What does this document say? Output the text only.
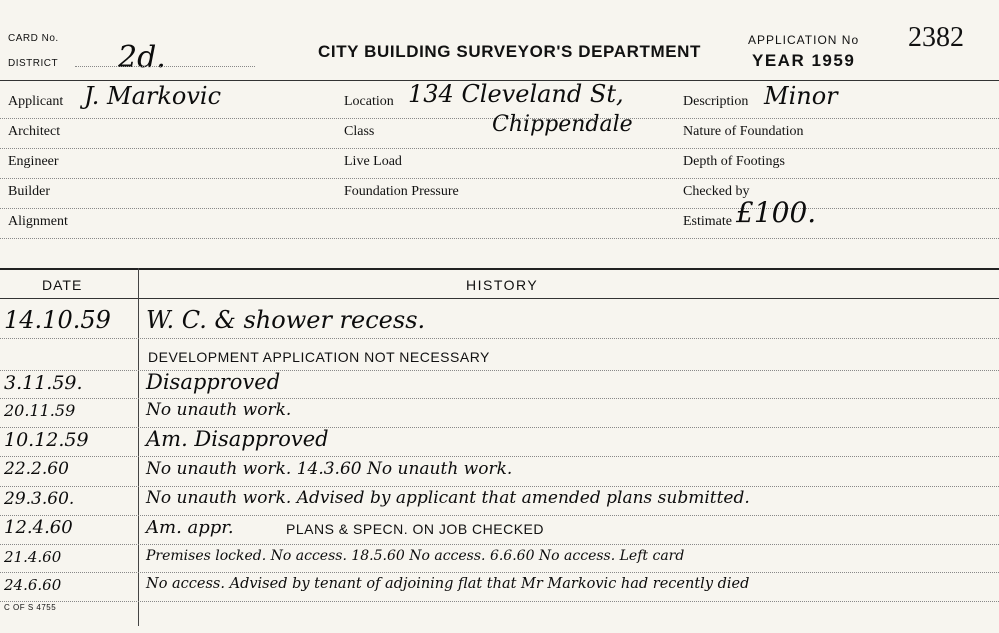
CARD No.
DISTRICT 2d.	CITY BUILDING SURVEYOR'S DEPARTMENT
APPLICATION No 2382
YEAR 1959
Applicant J. Markovic
Architect
Engineer
Builder
Alignment
Location 134 Cleveland St,
Class	Chippendale
Live Load
Foundation Pressure
Description Minor
Nature of Foundation
Depth of Footings
Checked by
Estimate £100.
DATE	HISTORY
14.10.59	W. C. & shower recess.
DEVELOPMENT APPLICATION NOT NECESSARY
3.11.59.	Disapproved
20.11.59	No unauth work.
10.12.59	Am. Disapproved
22.2.60	No unauth work. 14.3.60 No unauth work.
29.3.60.	No unauth work. Advised by applicant that amended plans submitted.
12.4.60	Am. appr.	PLANS & SPECN. ON JOB CHECKED
21.4.60	Premises locked. No access. 18.5.60 No access. 6.6.60 No access. Left card
24.6.60	No access. Advised by tenant of adjoining flat that Mr Markovic had recently died
C OF S 4755
